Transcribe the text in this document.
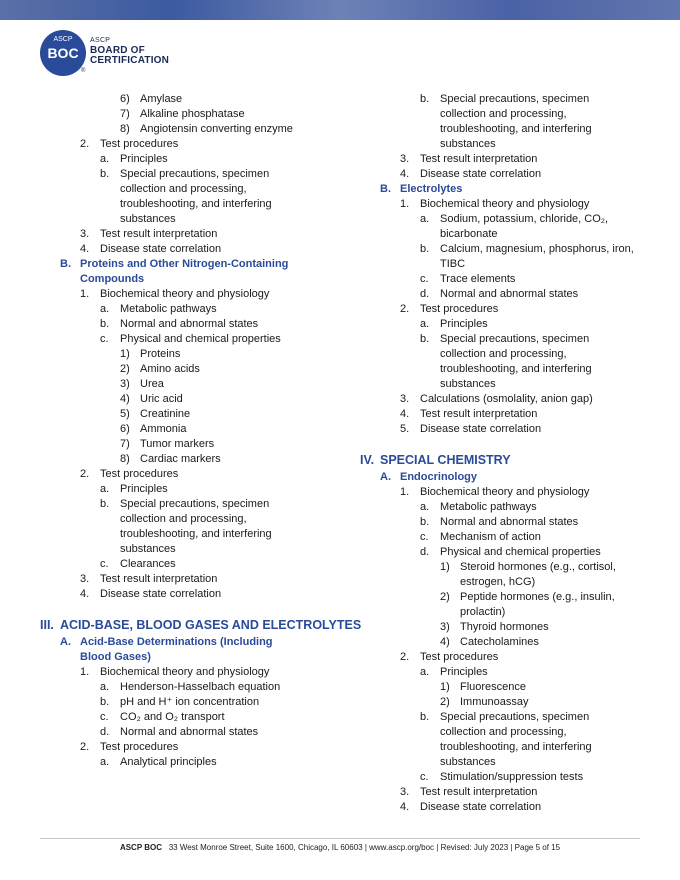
ASCP
BOC
ASCP
BOARD OF
CERTIFICATION
®
6) Amylase
7) Alkaline phosphatase
8) Angiotensin converting enzyme
2. Test procedures
a. Principles
b. Special precautions, specimen
collection and processing,
troubleshooting, and interfering
substances
3. Test result interpretation
4. Disease state correlation
B. Proteins and Other Nitrogen-Containing
Compounds
1. Biochemical theory and physiology
a. Metabolic pathways
b. Normal and abnormal states
c. Physical and chemical properties
1) Proteins
2) Amino acids
3) Urea
4) Uric acid
5) Creatinine
6) Ammonia
7) Tumor markers
8) Cardiac markers
2. Test procedures
a. Principles
b. Special precautions, specimen
collection and processing,
troubleshooting, and interfering
substances
c. Clearances
3. Test result interpretation
4. Disease state correlation
III. ACID-BASE, BLOOD GASES AND ELECTROLYTES
A. Acid-Base Determinations (Including
Blood Gases)
1. Biochemical theory and physiology
a. Henderson-Hasselbach equation
b. pH and H⁺ ion concentration
c. CO₂ and O₂ transport
d. Normal and abnormal states
2. Test procedures
a. Analytical principles
b. Special precautions, specimen
collection and processing,
troubleshooting, and interfering
substances
3. Test result interpretation
4. Disease state correlation
B. Electrolytes
1. Biochemical theory and physiology
a. Sodium, potassium, chloride, CO₂,
bicarbonate
b. Calcium, magnesium, phosphorus, iron,
TIBC
c. Trace elements
d. Normal and abnormal states
2. Test procedures
a. Principles
b. Special precautions, specimen
collection and processing,
troubleshooting, and interfering
substances
3. Calculations (osmolality, anion gap)
4. Test result interpretation
5. Disease state correlation
IV. SPECIAL CHEMISTRY
A. Endocrinology
1. Biochemical theory and physiology
a. Metabolic pathways
b. Normal and abnormal states
c. Mechanism of action
d. Physical and chemical properties
1) Steroid hormones (e.g., cortisol,
estrogen, hCG)
2) Peptide hormones (e.g., insulin,
prolactin)
3) Thyroid hormones
4) Catecholamines
2. Test procedures
a. Principles
1) Fluorescence
2) Immunoassay
b. Special precautions, specimen
collection and processing,
troubleshooting, and interfering
substances
c. Stimulation/suppression tests
3. Test result interpretation
4. Disease state correlation
ASCP BOC 33 West Monroe Street, Suite 1600, Chicago, IL 60603 | www.ascp.org/boc | Revised: July 2023 | Page 5 of 15
